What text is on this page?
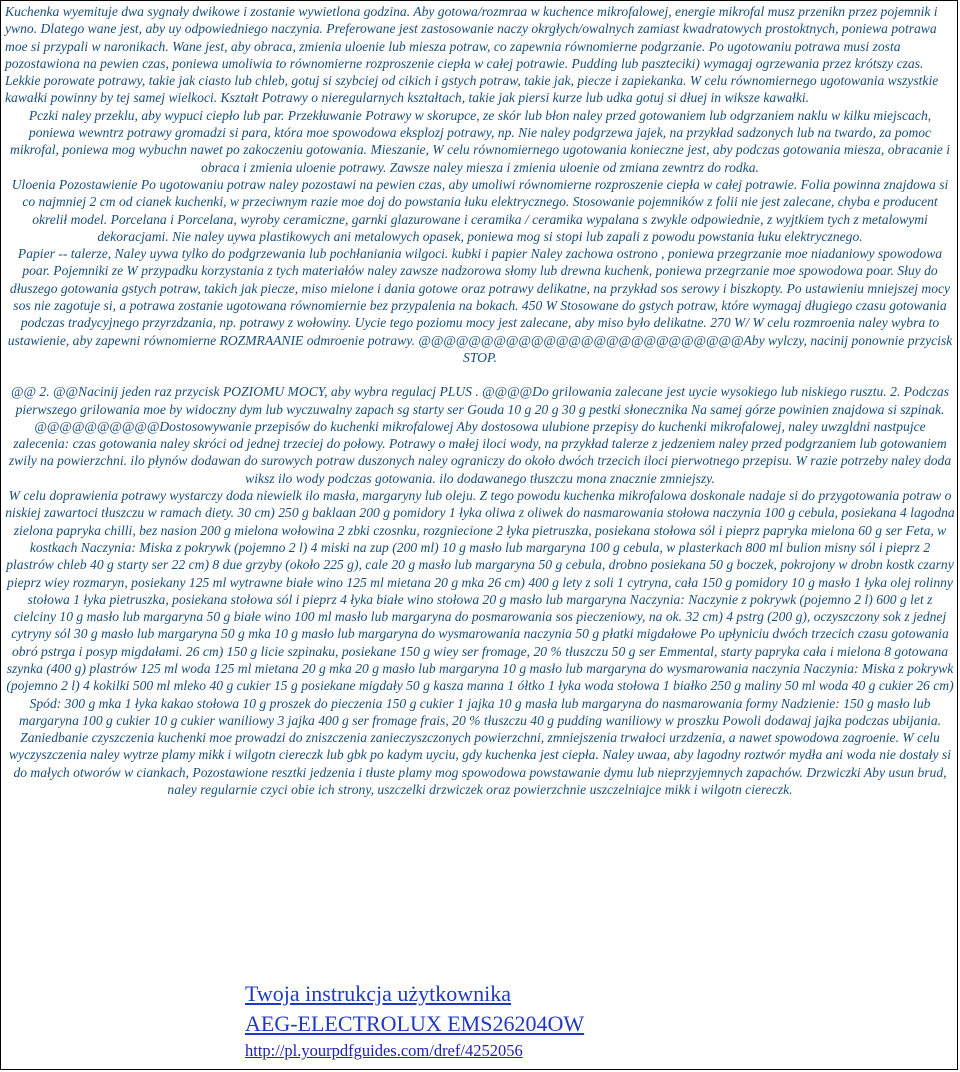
Kuchenka wyemituje dwa sygnały dwikowe i zostanie wywietlona godzina. Aby gotowa/rozmraa w kuchence mikrofalowej, energie mikrofal musz przenikn przez pojemnik i ywno. Dlatego wane jest, aby uy odpowiedniego naczynia. Preferowane jest zastosowanie naczy okrgłych/owalnych zamiast kwadratowych prostoktnych, poniewa potrawa moe si przypali w naronikach. Wane jest, aby obraca, zmienia uloenie lub miesza potraw, co zapewnia równomierne podgrzanie. Po ugotowaniu potrawa musi zosta pozostawiona na pewien czas, poniewa umoliwia to równomierne rozproszenie ciepła w całej potrawie. Pudding lub paszteciki) wymagaj ogrzewania przez krótszy czas. Lekkie porowate potrawy, takie jak ciasto lub chleb, gotuj si szybciej od cikich i gstych potraw, takie jak, piecze i zapiekanka. W celu równomiernego ugotowania wszystkie kawałki powinny by tej samej wielkoci. Kształt Potrawy o nieregularnych kształtach, takie jak piersi kurze lub udka gotuj si dłuej in wiksze kawałki.

Pczki naley przeklu, aby wypuci ciepło lub par. Przekłuwanie Potrawy w skorupce, ze skór lub błon naley przed gotowaniem lub odgrzaniem naklu w kilku miejscach, poniewa wewntrz potrawy gromadzi si para, która moe spowodowa eksplozj potrawy, np. Nie naley podgrzewa jajek, na przykład sadzonych lub na twardo, za pomoc mikrofal, poniewa mog wybuchn nawet po zakoczeniu gotowania. Mieszanie, W celu równomiernego ugotowania konieczne jest, aby podczas gotowania miesza, obracanie i obraca i zmienia uloenie potrawy. Zawsze naley miesza i zmienia uloenie od zmiana zewntrz do rodka.

Uloenia Pozostawienie Po ugotowaniu potraw naley pozostawi na pewien czas, aby umoliwi równomierne rozproszenie ciepła w całej potrawie. Folia powinna znajdowa si co najmniej 2 cm od cianek kuchenki, w przeciwnym razie moe doj do powstania łuku elektrycznego. Stosowanie pojemników z folii nie jest zalecane, chyba e producent okrelił model. Porcelana i Porcelana, wyroby ceramiczne, garnki glazurowane i ceramika / ceramika wypalana s zwykle odpowiednie, z wyjtkiem tych z metalowymi dekoracjami. Nie naley uywa plastikowych ani metalowych opasek, poniewa mog si stopi lub zapali z powodu powstania łuku elektrycznego.

Papier -- talerze, Naley uywa tylko do podgrzewania lub pochłaniania wilgoci. kubki i papier Naley zachowa ostrono , poniewa przegrzanie moe niadaniowy spowodowa poar. Pojemniki ze W przypadku korzystania z tych materiałów naley zawsze nadzorowa słomy lub drewna kuchenk, poniewa przegrzanie moe spowodowa poar. Słuy do dłuszego gotowania gstych potraw, takich jak piecze, miso mielone i dania gotowe oraz potrawy delikatne, na przykład sos serowy i biszkopty. Po ustawieniu mniejszej mocy sos nie zagotuje si, a potrawa zostanie ugotowana równomiernie bez przypalenia na bokach. 450 W Stosowane do gstych potraw, które wymagaj długiego czasu gotowania podczas tradycyjnego przyrzdzania, np. potrawy z wołowiny. Uycie tego poziomu mocy jest zalecane, aby miso było delikatne. 270 W/ W celu rozmroenia naley wybra to ustawienie, aby zapewni równomierne ROZMRAANIE odmroenie potrawy. @@@@@@@@@@@@@@@@@@@@@@@@@@Aby wylczy, nacinij ponownie przycisk STOP.

@@ 2. @@Nacinij jeden raz przycisk POZIOMU MOCY, aby wybra regulacj PLUS . @@@@Do grilowania zalecane jest uycie wysokiego lub niskiego rusztu. 2. Podczas pierwszego grilowania moe by widoczny dym lub wyczuwalny zapach sg starty ser Gouda 10 g 20 g 30 g pestki słonecznika Na samej górze powinien znajdowa si szpinak. @@@@@@@@@@Dostosowywanie przepisów do kuchenki mikrofalowej Aby dostosowa ulubione przepisy do kuchenki mikrofalowej, naley uwzgldni nastpujce zalecenia: czas gotowania naley skróci od jednej trzeciej do połowy. Potrawy o małej iloci wody, na przykład talerze z jedzeniem naley przed podgrzaniem lub gotowaniem zwily na powierzchni. ilo płynów dodawan do surowych potraw duszonych naley ograniczy do około dwóch trzecich iloci pierwotnego przepisu. W razie potrzeby naley doda wiksz ilo wody podczas gotowania. ilo dodawanego tłuszczu mona znacznie zmniejszy.

W celu doprawienia potrawy wystarczy doda niewielk ilo masła, margaryny lub oleju. Z tego powodu kuchenka mikrofalowa doskonale nadaje si do przygotowania potraw o niskiej zawartoci tłuszczu w ramach diety. 30 cm) 250 g baklaan 200 g pomidory 1 łyka oliwa z oliwek do nasmarowania stołowa naczynia 100 g cebula, posiekana 4 lagodna zielona papryka chilli, bez nasion 200 g mielona wołowina 2 zbki czosnku, rozgniecione 2 łyka pietruszka, posiekana stołowa sól i pieprz papryka mielona 60 g ser Feta, w kostkach Naczynia: Miska z pokrywk (pojemno 2 l) 4 miski na zup (200 ml) 10 g masło lub margaryna 100 g cebula, w plasterkach 800 ml bulion misny sól i pieprz 2 plastrów chleb 40 g starty ser 22 cm) 8 due grzyby (około 225 g), cale 20 g masło lub margaryna 50 g cebula, drobno posiekana 50 g boczek, pokrojony w drobn kostk czarny pieprz wiey rozmaryn, posiekany 125 ml wytrawne białe wino 125 ml mietana 20 g mka 26 cm) 400 g lety z soli 1 cytryna, cała 150 g pomidory 10 g masło 1 łyka olej rolinny stołowa 1 łyka pietruszka, posiekana stołowa sól i pieprz 4 łyka białe wino stołowa 20 g masło lub margaryna Naczynia: Naczynie z pokrywk (pojemno 2 l) 600 g let z cielciny 10 g masło lub margaryna 50 g białe wino 100 ml masło lub margaryna do posmarowania sos pieczeniowy, na ok. 32 cm) 4 pstrg (200 g), oczyszczony sok z jednej cytryny sól 30 g masło lub margaryna 50 g mka 10 g masło lub margaryna do wysmarowania naczynia 50 g płatki migdałowe Po upłyniciu dwóch trzecich czasu gotowania obró pstrga i posyp migdałami. 26 cm) 150 g licie szpinaku, posiekane 150 g wiey ser fromage, 20 % tłuszczu 50 g ser Emmental, starty papryka cała i mielona 8 gotowana szynka (400 g) plastrów 125 ml woda 125 ml mietana 20 g mka 20 g masło lub margaryna 10 g masło lub margaryna do wysmarowania naczynia Naczynia: Miska z pokrywk (pojemno 2 l) 4 kokilki 500 ml mleko 40 g cukier 15 g posiekane migdały 50 g kasza manna 1 ółtko 1 łyka woda stołowa 1 białko 250 g maliny 50 ml woda 40 g cukier 26 cm) Spód: 300 g mka 1 łyka kakao stołowa 10 g proszek do pieczenia 150 g cukier 1 jajka 10 g masła lub margaryna do nasmarowania formy Nadzienie: 150 g masło lub margaryna 100 g cukier 10 g cukier waniliowy 3 jajka 400 g ser fromage frais, 20 % tłuszczu 40 g pudding waniliowy w proszku Powoli dodawaj jajka podczas ubijania.

Zaniedbanie czyszczenia kuchenki moe prowadzi do zniszczenia zanieczyszczonych powierzchni, zmniejszenia trwałoci urzdzenia, a nawet spowodowa zagroenie. W celu wyczyszczenia naley wytrze plamy mikk i wilgotn ciereczk lub gbk po kadym uyciu, gdy kuchenka jest ciepła. Naley uwaa, aby lagodny roztwór mydła ani woda nie dostały si do małych otworów w ciankach, Pozostawione resztki jedzenia i tłuste plamy mog spowodowa powstawanie dymu lub nieprzyjemnych zapachów. Drzwiczki Aby usun brud, naley regularnie czyci obie ich strony, uszczelki drzwiczek oraz powierzchnie uszczelniajce mikk i wilgotn ciereczk.

Twoja instrukcja użytkownika
AEG-ELECTROLUX EMS26204OW
http://pl.yourpdfguides.com/dref/4252056
